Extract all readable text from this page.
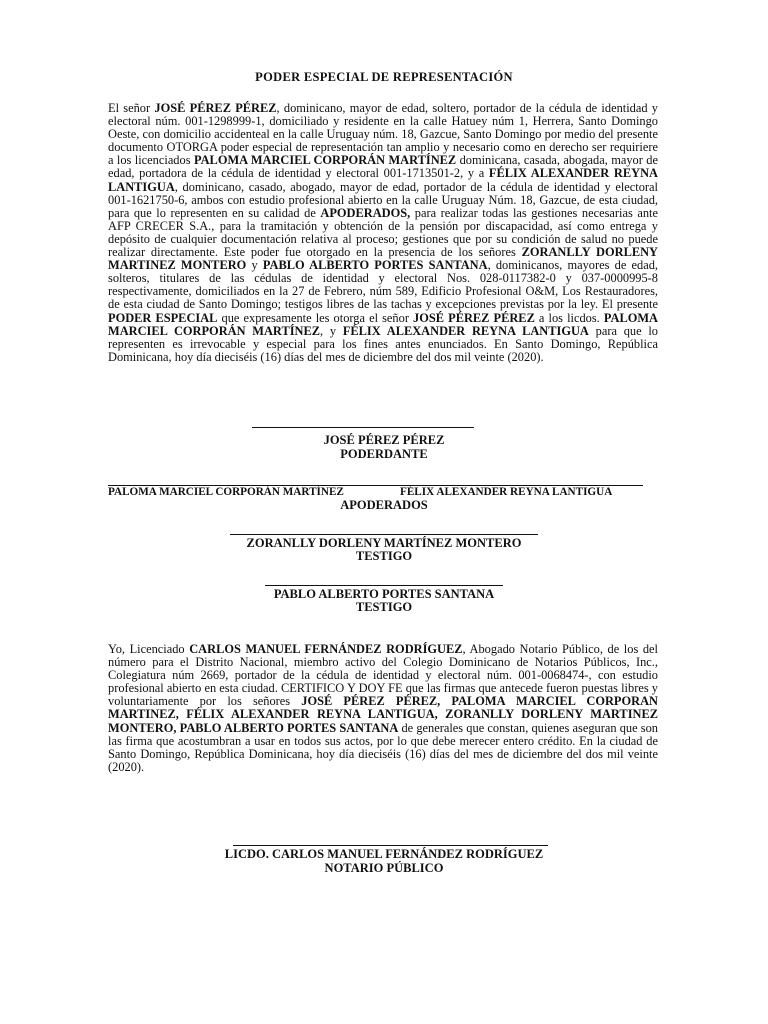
PODER ESPECIAL DE REPRESENTACIÓN
El señor JOSÉ PÉREZ PÉREZ, dominicano, mayor de edad, soltero, portador de la cédula de identidad y electoral núm. 001-1298999-1, domiciliado y residente en la calle Hatuey núm 1, Herrera, Santo Domingo Oeste, con domicilio accidenteal en la calle Uruguay núm. 18, Gazcue, Santo Domingo por medio del presente documento OTORGA poder especial de representación tan amplio y necesario como en derecho ser requiriere a los licenciados PALOMA MARCIEL CORPORÁN MARTÍNEZ dominicana, casada, abogada, mayor de edad, portadora de la cédula de identidad y electoral 001-1713501-2, y a FÉLIX ALEXANDER REYNA LANTIGUA, dominicano, casado, abogado, mayor de edad, portador de la cédula de identidad y electoral 001-1621750-6, ambos con estudio profesional abierto en la calle Uruguay Núm. 18, Gazcue, de esta ciudad, para que lo representen en su calidad de APODERADOS, para realizar todas las gestiones necesarias ante AFP CRECER S.A., para la tramitación y obtención de la pensión por discapacidad, así como entrega y depósito de cualquier documentación relativa al proceso; gestiones que por su condición de salud no puede realizar directamente. Este poder fue otorgado en la presencia de los señores ZORANLLY DORLENY MARTINEZ MONTERO y PABLO ALBERTO PORTES SANTANA, dominicanos, mayores de edad, solteros, titulares de las cédulas de identidad y electoral Nos. 028-0117382-0 y 037-0000995-8 respectivamente, domiciliados en la 27 de Febrero, núm 589, Edificio Profesional O&M, Los Restauradores, de esta ciudad de Santo Domingo; testigos libres de las tachas y excepciones previstas por la ley. El presente PODER ESPECIAL que expresamente les otorga el señor JOSÉ PÉREZ PÉREZ a los licdos. PALOMA MARCIEL CORPORÁN MARTÍNEZ, y FÉLIX ALEXANDER REYNA LANTIGUA para que lo representen es irrevocable y especial para los fines antes enunciados. En Santo Domingo, República Dominicana, hoy día dieciséis (16) días del mes de diciembre del dos mil veinte (2020).
JOSÉ PÉREZ PÉREZ
PODERDANTE
PALOMA MARCIEL CORPORÁN MARTÍNEZ	FÉLIX ALEXANDER REYNA LANTIGUA
APODERADOS
ZORANLLY DORLENY MARTÍNEZ MONTERO
TESTIGO
PABLO ALBERTO PORTES SANTANA
TESTIGO
Yo, Licenciado CARLOS MANUEL FERNÁNDEZ RODRÍGUEZ, Abogado Notario Público, de los del número para el Distrito Nacional, miembro activo del Colegio Dominicano de Notarios Públicos, Inc., Colegiatura núm 2669, portador de la cédula de identidad y electoral núm. 001-0068474-, con estudio profesional abierto en esta ciudad. CERTIFICO Y DOY FE que las firmas que antecede fueron puestas libres y voluntariamente por los señores JOSÉ PÉREZ PÉREZ, PALOMA MARCIEL CORPORAN MARTINEZ, FÉLIX ALEXANDER REYNA LANTIGUA, ZORANLLY DORLENY MARTINEZ MONTERO, PABLO ALBERTO PORTES SANTANA de generales que constan, quienes aseguran que son las firma que acostumbran a usar en todos sus actos, por lo que debe merecer entero crédito. En la ciudad de Santo Domingo, República Dominicana, hoy día dieciséis (16) días del mes de diciembre del dos mil veinte (2020).
LICDO. CARLOS MANUEL FERNÁNDEZ RODRÍGUEZ
NOTARIO PÚBLICO
